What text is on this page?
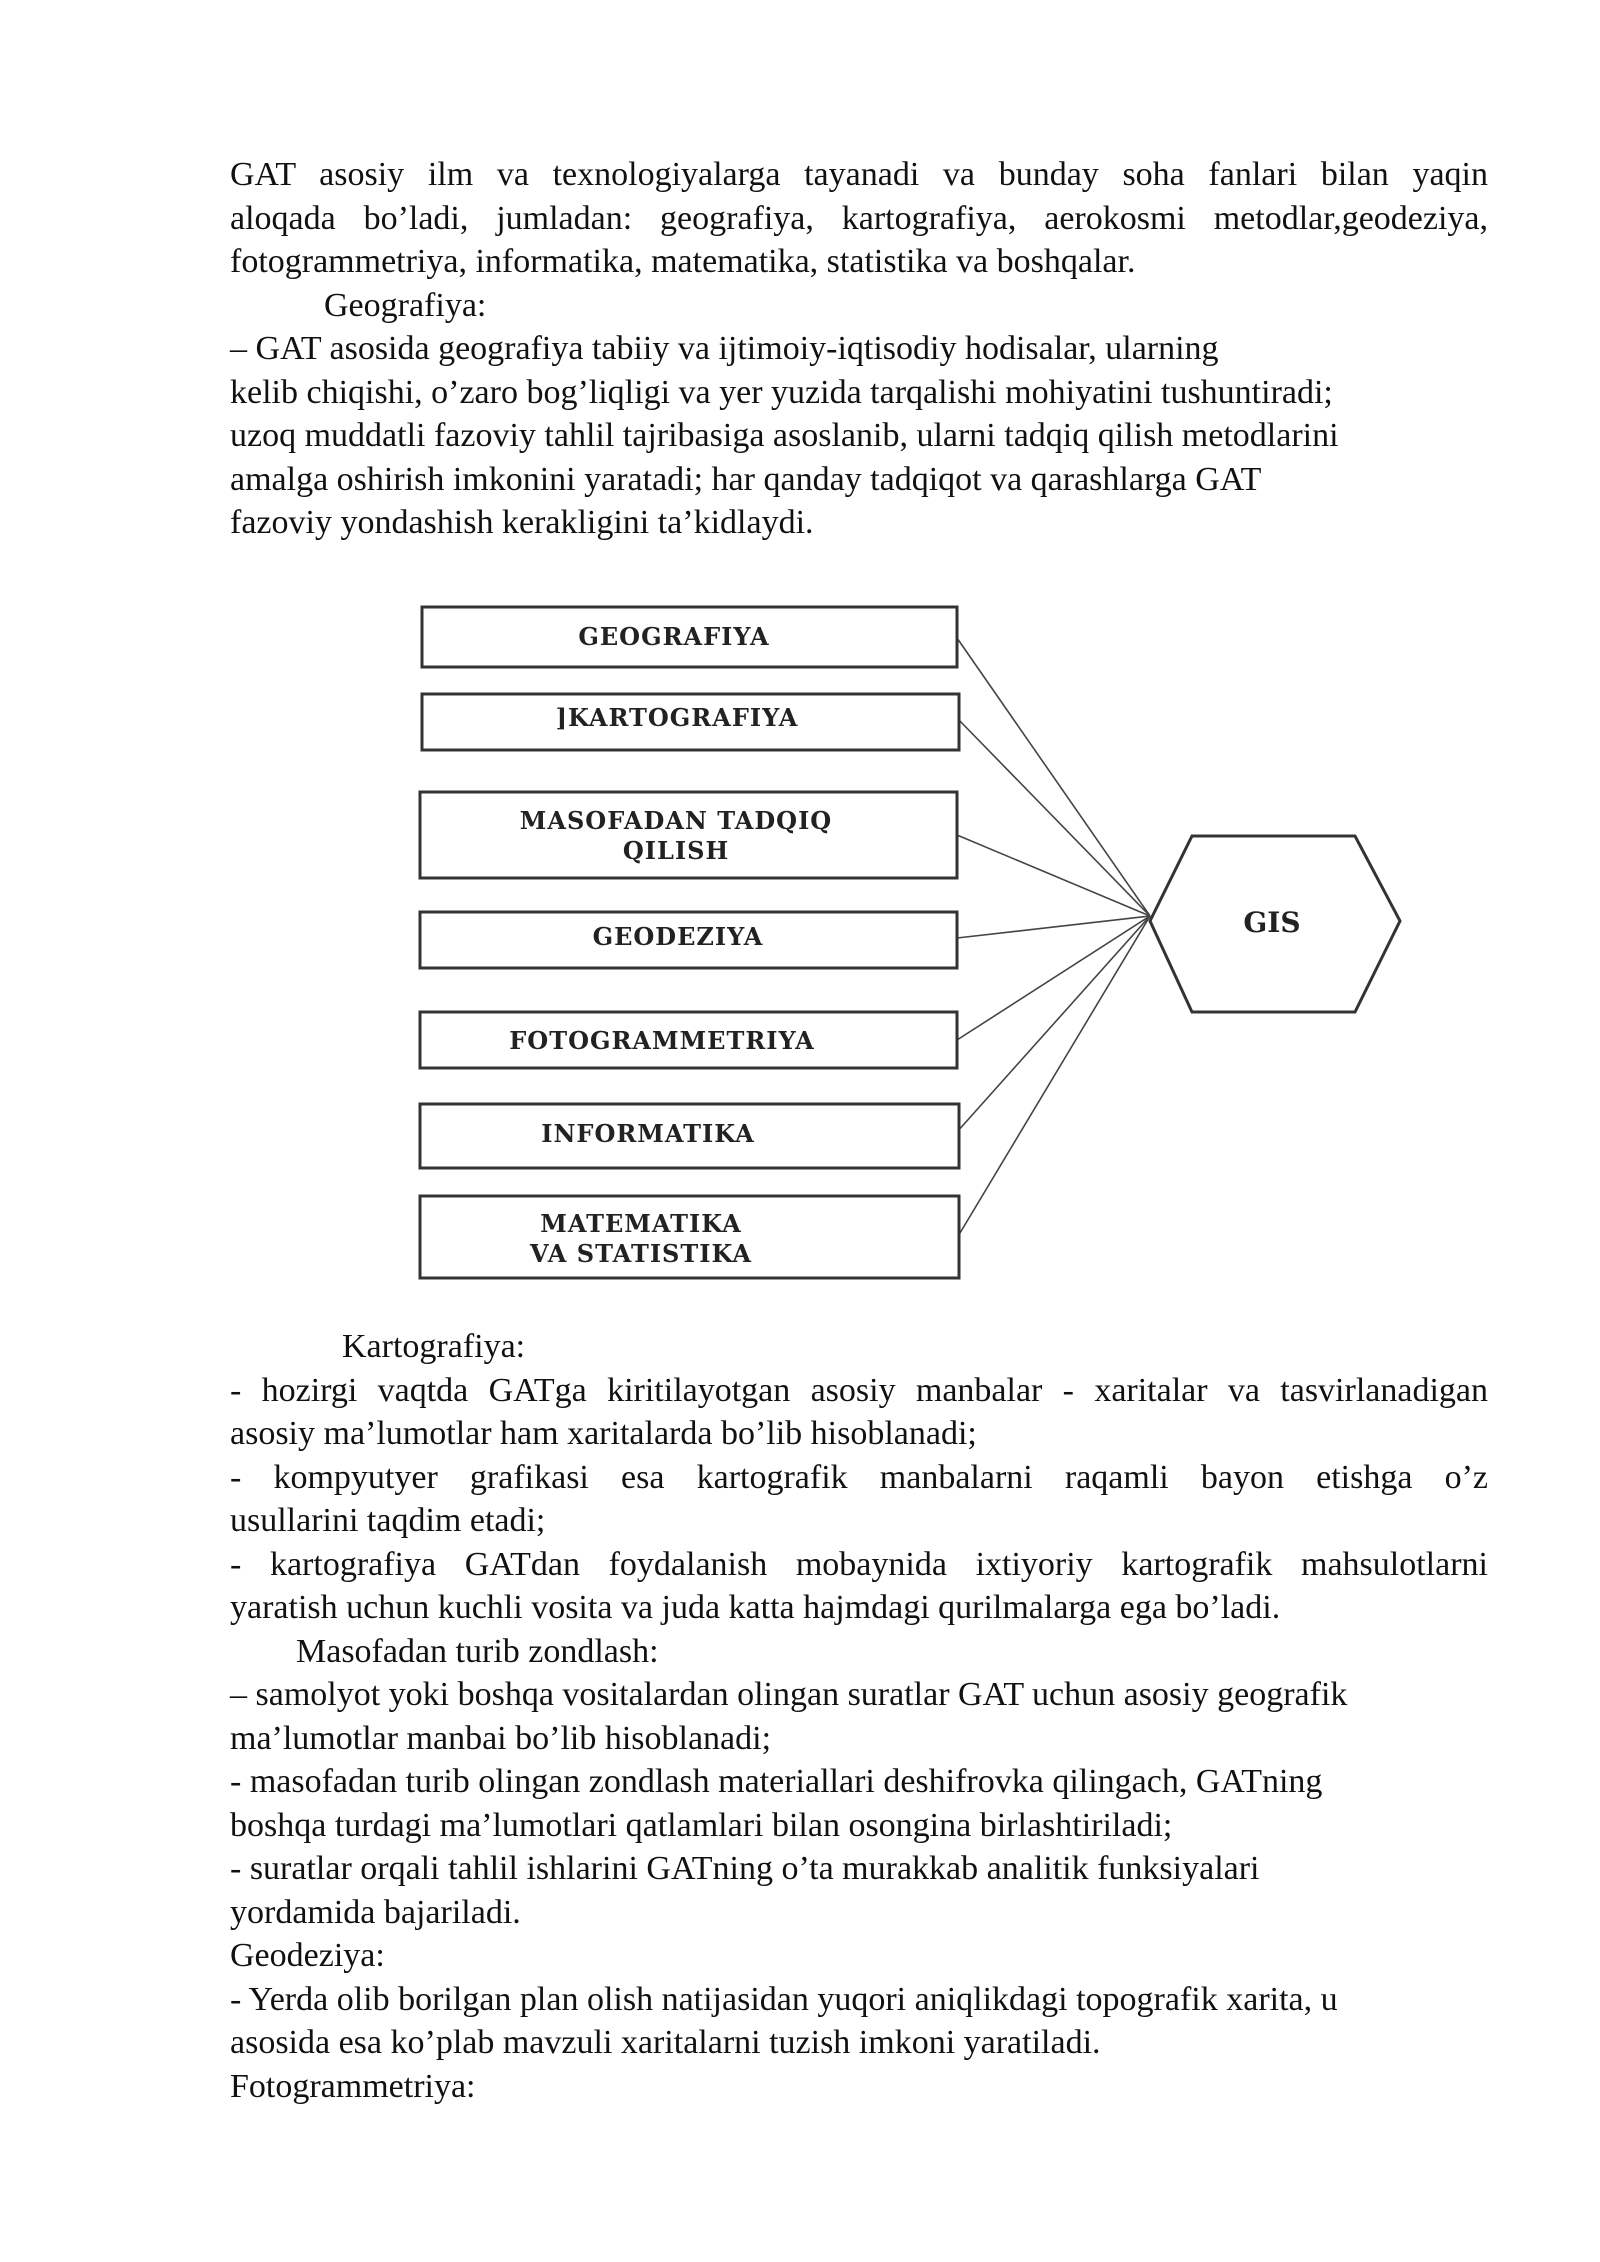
GAT asosiy ilm va texnologiyalarga tayanadi va bunday soha fanlari bilan yaqin
aloqada bo’ladi, jumladan: geografiya, kartografiya, aerokosmi metodlar,geodeziya,
fotogrammetriya, informatika, matematika, statistika va boshqalar.
Geografiya:
– GAT asosida geografiya tabiiy va ijtimoiy-iqtisodiy hodisalar, ularning
kelib chiqishi, o’zaro bog’liqligi va yer yuzida tarqalishi mohiyatini tushuntiradi;
uzoq muddatli fazoviy tahlil tajribasiga asoslanib, ularni tadqiq qilish metodlarini
amalga oshirish imkonini yaratadi; har qanday tadqiqot va qarashlarga GAT
fazoviy yondashish kerakligini ta’kidlaydi.
GEOGRAFIYA
]KARTOGRAFIYA
MASOFADAN TADQIQ
QILISH
GEODEZIYA
FOTOGRAMMETRIYA
INFORMATIKA
MATEMATIKA
VA STATISTIKA
GIS
Kartografiya:
- hozirgi vaqtda GATga kiritilayotgan asosiy manbalar - xaritalar va tasvirlanadigan
asosiy ma’lumotlar ham xaritalarda bo’lib hisoblanadi;
- kompyutyer grafikasi esa kartografik manbalarni raqamli bayon etishga o’z
usullarini taqdim etadi;
- kartografiya GATdan foydalanish mobaynida ixtiyoriy kartografik mahsulotlarni
yaratish uchun kuchli vosita va juda katta hajmdagi qurilmalarga ega bo’ladi.
Masofadan turib zondlash:
– samolyot yoki boshqa vositalardan olingan suratlar GAT uchun asosiy geografik
ma’lumotlar manbai bo’lib hisoblanadi;
- masofadan turib olingan zondlash materiallari deshifrovka qilingach, GATning
boshqa turdagi ma’lumotlari qatlamlari bilan osongina birlashtiriladi;
- suratlar orqali tahlil ishlarini GATning o’ta murakkab analitik funksiyalari
yordamida bajariladi.
Geodeziya:
- Yerda olib borilgan plan olish natijasidan yuqori aniqlikdagi topografik xarita, u
asosida esa ko’plab mavzuli xaritalarni tuzish imkoni yaratiladi.
Fotogrammetriya:
